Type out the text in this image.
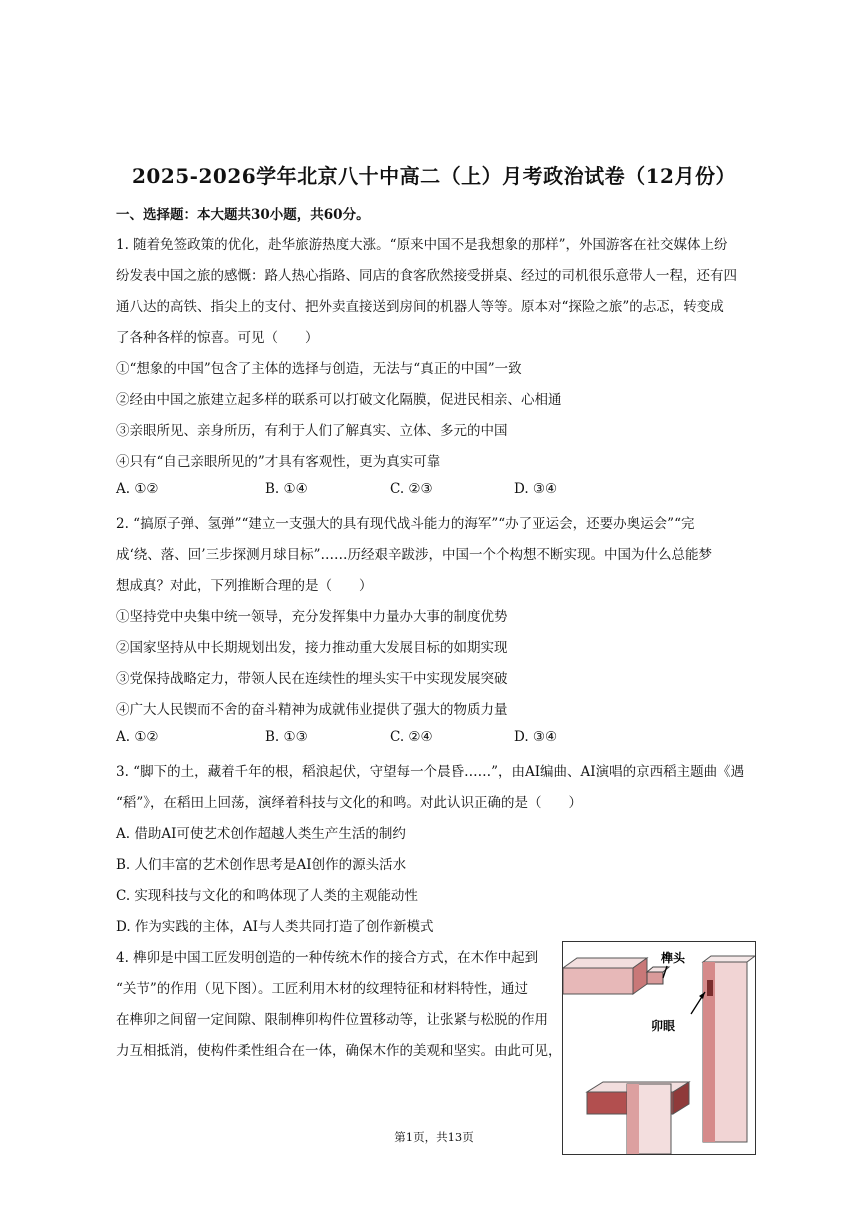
2025-2026学年北京八十中高二（上）月考政治试卷（12月份）
一、选择题：本大题共30小题，共60分。
1. 随着免签政策的优化，赴华旅游热度大涨。“原来中国不是我想象的那样”，外国游客在社交媒体上纷
纷发表中国之旅的感慨：路人热心指路、同店的食客欣然接受拼桌、经过的司机很乐意带人一程，还有四
通八达的高铁、指尖上的支付、把外卖直接送到房间的机器人等等。原本对“探险之旅”的忐忑，转变成
了各种各样的惊喜。可见（　　）
①“想象的中国”包含了主体的选择与创造，无法与“真正的中国”一致
②经由中国之旅建立起多样的联系可以打破文化隔膜，促进民相亲、心相通
③亲眼所见、亲身所历，有利于人们了解真实、立体、多元的中国
④只有“自己亲眼所见的”才具有客观性，更为真实可靠
A. ①②	B. ①④	C. ②③	D. ③④
2. “搞原子弹、氢弹”“建立一支强大的具有现代战斗能力的海军”“办了亚运会，还要办奥运会”“完
成‘绕、落、回’三步探测月球目标”……历经艰辛跋涉，中国一个个构想不断实现。中国为什么总能梦
想成真？对此，下列推断合理的是（　　）
①坚持党中央集中统一领导，充分发挥集中力量办大事的制度优势
②国家坚持从中长期规划出发，接力推动重大发展目标的如期实现
③党保持战略定力，带领人民在连续性的埋头实干中实现发展突破
④广大人民锲而不舍的奋斗精神为成就伟业提供了强大的物质力量
A. ①②	B. ①③	C. ②④	D. ③④
3. “脚下的土，藏着千年的根，稻浪起伏，守望每一个晨昏……”，由AI编曲、AI演唱的京西稻主题曲《遇
“稻”》，在稻田上回荡，演绎着科技与文化的和鸣。对此认识正确的是（　　）
A. 借助AI可使艺术创作超越人类生产生活的制约
B. 人们丰富的艺术创作思考是AI创作的源头活水
C. 实现科技与文化的和鸣体现了人类的主观能动性
D. 作为实践的主体，AI与人类共同打造了创作新模式
4. 榫卯是中国工匠发明创造的一种传统木作的接合方式，在木作中起到
“关节”的作用（见下图）。工匠利用木材的纹理特征和材料特性，通过
在榫卯之间留一定间隙、限制榫卯构件位置移动等，让张紧与松脱的作用
力互相抵消，使构件柔性组合在一体，确保木作的美观和坚实。由此可见，
榫头
卯眼
第1页，共13页
